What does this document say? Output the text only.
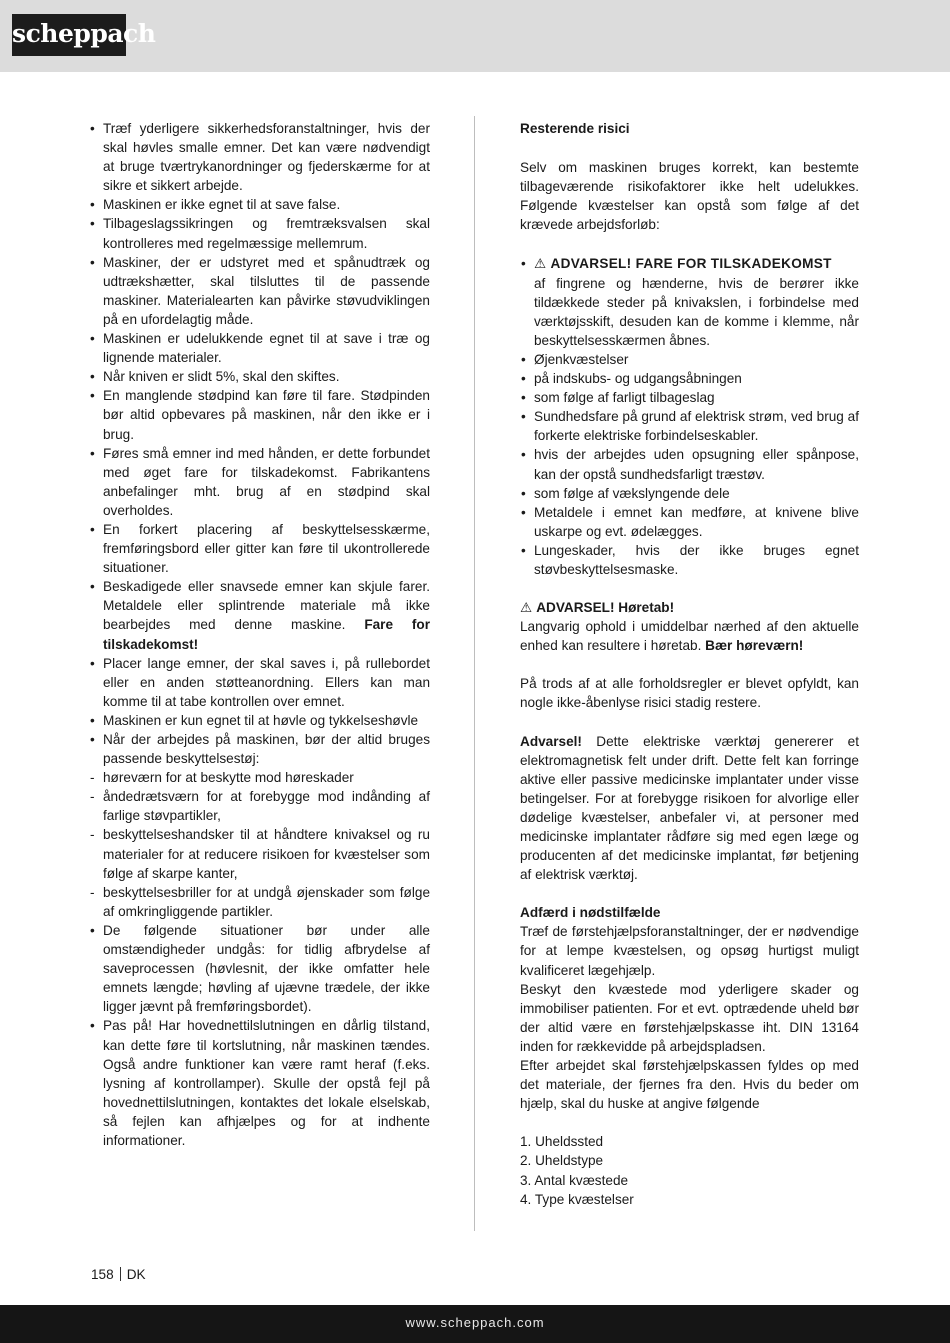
scheppach
• Træf yderligere sikkerhedsforanstaltninger, hvis der skal høvles smalle emner. Det kan være nødvendigt at bruge tværtrykanordninger og fjederskærme for at sikre et sikkert arbejde.
• Maskinen er ikke egnet til at save false.
• Tilbageslagssikringen og fremtræksvalsen skal kontrolleres med regelmæssige mellemrum.
• Maskiner, der er udstyret med et spånudtræk og udtrækshætter, skal tilsluttes til de passende maskiner. Materialearten kan påvirke støvudviklingen på en ufordelagtig måde.
• Maskinen er udelukkende egnet til at save i træ og lignende materialer.
• Når kniven er slidt 5%, skal den skiftes.
• En manglende stødpind kan føre til fare. Stødpinden bør altid opbevares på maskinen, når den ikke er i brug.
• Føres små emner ind med hånden, er dette forbundet med øget fare for tilskadekomst. Fabrikantens anbefalinger mht. brug af en stødpind skal overholdes.
• En forkert placering af beskyttelsesskærme, fremføringsbord eller gitter kan føre til ukontrollerede situationer.
• Beskadigede eller snavsede emner kan skjule farer. Metaldele eller splintrende materiale må ikke bearbejdes med denne maskine. Fare for tilskadekomst!
• Placer lange emner, der skal saves i, på rullebordet eller en anden støtteanordning. Ellers kan man komme til at tabe kontrollen over emnet.
• Maskinen er kun egnet til at høvle og tykkelseshøvle
• Når der arbejdes på maskinen, bør der altid bruges passende beskyttelsestøj:
- høreværn for at beskytte mod høreskader
- åndedrætsværn for at forebygge mod indånding af farlige støvpartikler,
- beskyttelseshandsker til at håndtere knivaksel og ru materialer for at reducere risikoen for kvæstelser som følge af skarpe kanter,
- beskyttelsesbriller for at undgå øjenskader som følge af omkringliggende partikler.
• De følgende situationer bør under alle omstændigheder undgås: for tidlig afbrydelse af saveprocessen (høvlesnit, der ikke omfatter hele emnets længde; høvling af ujævne trædele, der ikke ligger jævnt på fremføringsbordet).
• Pas på! Har hovednettilslutningen en dårlig tilstand, kan dette føre til kortslutning, når maskinen tændes. Også andre funktioner kan være ramt heraf (f.eks. lysning af kontrollamper). Skulle der opstå fejl på hovednettilslutningen, kontaktes det lokale elselskab, så fejlen kan afhjælpes og for at indhente informationer.

Resterende risici

Selv om maskinen bruges korrekt, kan bestemte tilbageværende risikofaktorer ikke helt udelukkes. Følgende kvæstelser kan opstå som følge af det krævede arbejdsforløb:

• ⚠ ADVARSEL! FARE FOR TILSKADEKOMST
af fingrene og hænderne, hvis de berører ikke tildækkede steder på knivakslen, i forbindelse med værktøjsskift, desuden kan de komme i klemme, når beskyttelsesskærmen åbnes.
• Øjenkvæstelser
• på indskubs- og udgangsåbningen
• som følge af farligt tilbageslag
• Sundhedsfare på grund af elektrisk strøm, ved brug af forkerte elektriske forbindelseskabler.
• hvis der arbejdes uden opsugning eller spånpose, kan der opstå sundhedsfarligt træstøv.
• som følge af vækslyngende dele
• Metaldele i emnet kan medføre, at knivene blive uskarpe og evt. ødelægges.
• Lungeskader, hvis der ikke bruges egnet støvbeskyttelsesmaske.

⚠ ADVARSEL! Høretab!

Langvarig ophold i umiddelbar nærhed af den aktuelle enhed kan resultere i høretab. Bær høreværn!

På trods af at alle forholdsregler er blevet opfyldt, kan nogle ikke-åbenlyse risici stadig restere.

Advarsel! Dette elektriske værktøj genererer et elektromagnetisk felt under drift. Dette felt kan forringe aktive eller passive medicinske implantater under visse betingelser. For at forebygge risikoen for alvorlige eller dødelige kvæstelser, anbefaler vi, at personer med medicinske implantater rådføre sig med egen læge og producenten af det medicinske implantat, før betjening af elektrisk værktøj.

Adfærd i nødstilfælde

Træf de førstehjælpsforanstaltninger, der er nødvendige for at lempe kvæstelsen, og opsøg hurtigst muligt kvalificeret lægehjælp.

Beskyt den kvæstede mod yderligere skader og immobiliser patienten. For et evt. optrædende uheld bør der altid være en førstehjælpskasse iht. DIN 13164 inden for rækkevidde på arbejdspladsen.

Efter arbejdet skal førstehjælpskassen fyldes op med det materiale, der fjernes fra den. Hvis du beder om hjælp, skal du huske at angive følgende

1. Uheldssted
2. Uheldstype
3. Antal kvæstede
4. Type kvæstelser
158 DK
www.scheppach.com
